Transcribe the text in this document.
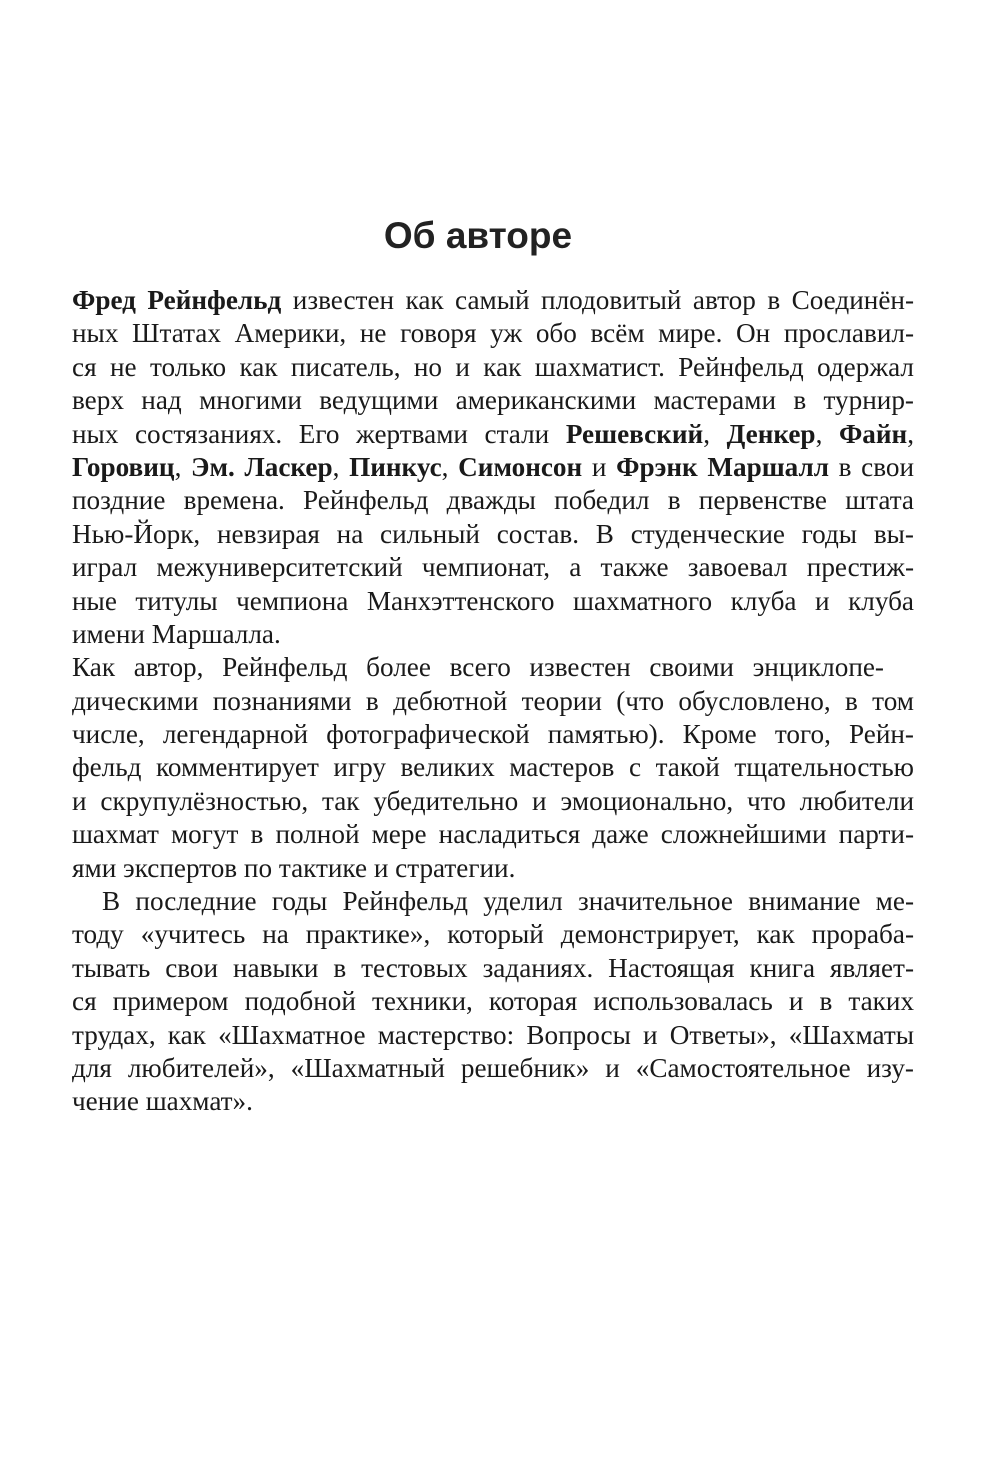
Об авторе
Фред Рейнфельд известен как самый плодовитый автор в Соединён-
ных Штатах Америки, не говоря уж обо всём мире. Он прославил-
ся не только как писатель, но и как шахматист. Рейнфельд одержал
верх над многими ведущими американскими мастерами в турнир-
ных состязаниях. Его жертвами стали Решевский, Денкер, Файн,
Горовиц, Эм. Ласкер, Пинкус, Симонсон и Фрэнк Маршалл в свои
поздние времена. Рейнфельд дважды победил в первенстве штата
Нью-Йорк, невзирая на сильный состав. В студенческие годы вы-
играл межуниверситетский чемпионат, а также завоевал престиж-
ные титулы чемпиона Манхэттенского шахматного клуба и клуба
имени Маршалла.
Как автор, Рейнфельд более всего известен своими энциклопе-
дическими познаниями в дебютной теории (что обусловлено, в том
числе, легендарной фотографической памятью). Кроме того, Рейн-
фельд комментирует игру великих мастеров с такой тщательностью
и скрупулёзностью, так убедительно и эмоционально, что любители
шахмат могут в полной мере насладиться даже сложнейшими парти-
ями экспертов по тактике и стратегии.
В последние годы Рейнфельд уделил значительное внимание ме-
тоду «учитесь на практике», который демонстрирует, как прораба-
тывать свои навыки в тестовых заданиях. Настоящая книга являет-
ся примером подобной техники, которая использовалась и в таких
трудах, как «Шахматное мастерство: Вопросы и Ответы», «Шахматы
для любителей», «Шахматный решебник» и «Самостоятельное изу-
чение шахмат».
